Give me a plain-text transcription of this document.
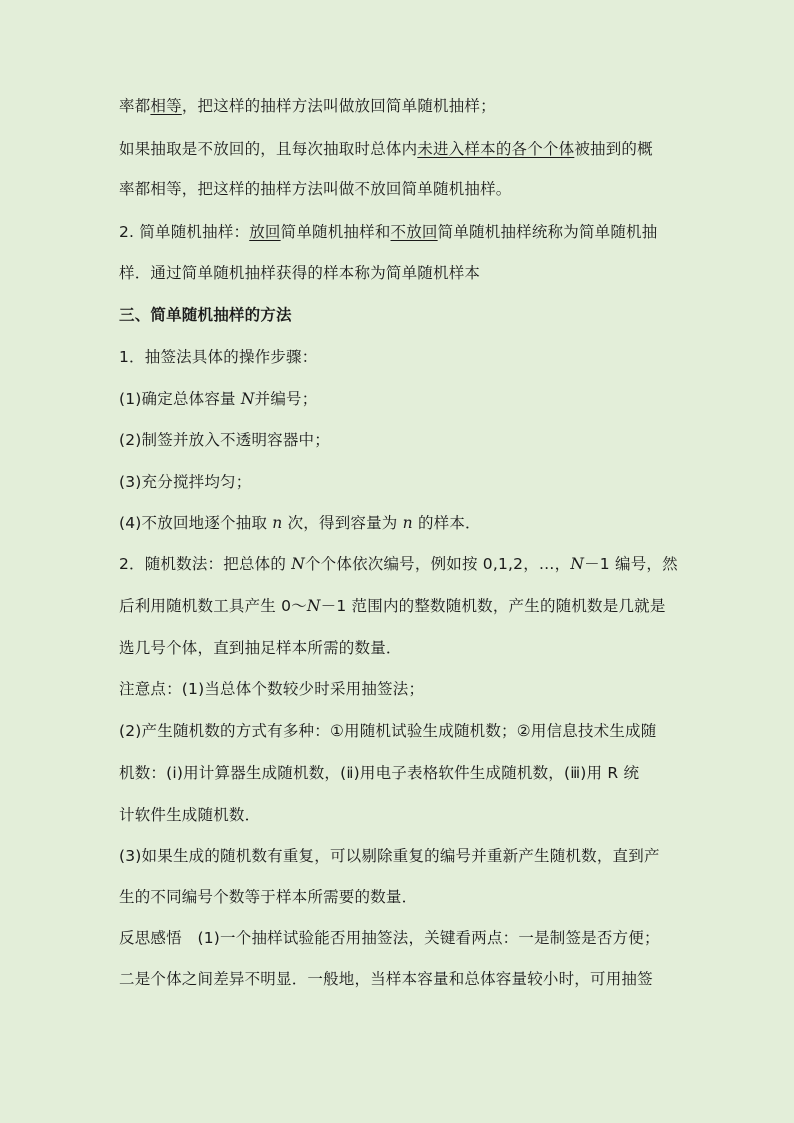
率都相等，把这样的抽样方法叫做放回简单随机抽样；
如果抽取是不放回的，且每次抽取时总体内未进入样本的各个个体被抽到的概
率都相等，把这样的抽样方法叫做不放回简单随机抽样。
2. 简单随机抽样：放回简单随机抽样和不放回简单随机抽样统称为简单随机抽
样．通过简单随机抽样获得的样本称为简单随机样本
三、简单随机抽样的方法
1．抽签法具体的操作步骤：
(1)确定总体容量 N并编号；
(2)制签并放入不透明容器中；
(3)充分搅拌均匀；
(4)不放回地逐个抽取 n 次，得到容量为 n 的样本．
2．随机数法：把总体的 N个个体依次编号，例如按 0,1,2，…，N－1 编号，然
后利用随机数工具产生 0～N－1 范围内的整数随机数，产生的随机数是几就是
选几号个体，直到抽足样本所需的数量．
注意点：(1)当总体个数较少时采用抽签法；
(2)产生随机数的方式有多种：①用随机试验生成随机数；②用信息技术生成随
机数：(ⅰ)用计算器生成随机数，(ⅱ)用电子表格软件生成随机数，(ⅲ)用 R 统
计软件生成随机数．
(3)如果生成的随机数有重复，可以剔除重复的编号并重新产生随机数，直到产
生的不同编号个数等于样本所需要的数量．
反思感悟　(1)一个抽样试验能否用抽签法，关键看两点：一是制签是否方便；
二是个体之间差异不明显．一般地，当样本容量和总体容量较小时，可用抽签
